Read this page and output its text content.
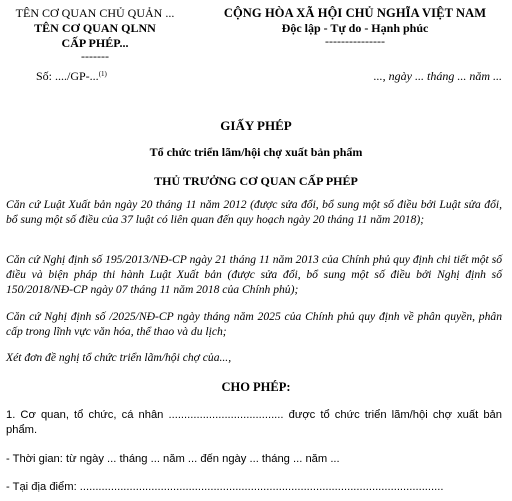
TÊN CƠ QUAN CHỦ QUẢN ...
TÊN CƠ QUAN QLNN
CẤP PHÉP...
-------
CỘNG HÒA XÃ HỘI CHỦ NGHĨA VIỆT NAM
Độc lập - Tự do - Hạnh phúc
---------------
Số: ..../GP-...$^{(1)}$	..., ngày ... tháng ... năm ...
GIẤY PHÉP
Tổ chức triển lãm/hội chợ xuất bản phẩm
THỦ TRƯỞNG CƠ QUAN CẤP PHÉP
Căn cứ Luật Xuất bản ngày 20 tháng 11 năm 2012 (được sửa đổi, bổ sung một số điều bởi Luật sửa đổi, bổ sung một số điều của 37 luật có liên quan đến quy hoạch ngày 20 tháng 11 năm 2018);
Căn cứ Nghị định số 195/2013/NĐ-CP ngày 21 tháng 11 năm 2013 của Chính phủ quy định chi tiết một số điều và biện pháp thi hành Luật Xuất bản (được sửa đổi, bổ sung một số điều bởi Nghị định số 150/2018/NĐ-CP ngày 07 tháng 11 năm 2018 của Chính phủ);
Căn cứ Nghị định số /2025/NĐ-CP ngày tháng năm 2025 của Chính phủ quy định về phân quyền, phân cấp trong lĩnh vực văn hóa, thể thao và du lịch;
Xét đơn đề nghị tổ chức triển lãm/hội chợ của...,
CHO PHÉP:
1. Cơ quan, tổ chức, cá nhân ..................................... được tổ chức triển lãm/hội chợ xuất bản phẩm.
- Thời gian: từ ngày ... tháng ... năm ... đến ngày ... tháng ... năm ...
- Tại địa điểm: .....................................................................................................................
